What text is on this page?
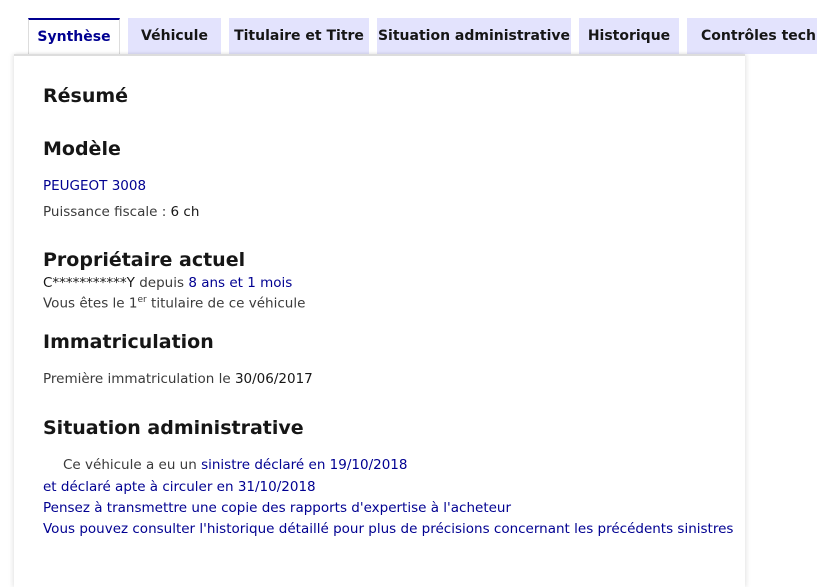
Synthèse	Véhicule	Titulaire et Titre	Situation administrative	Historique	Contrôles tech
Résumé
Modèle

PEUGEOT 3008

Puissance fiscale : 6 ch

Propriétaire actuel

C***********Y depuis 8 ans et 1 mois

Vous êtes le 1er titulaire de ce véhicule

Immatriculation

Première immatriculation le 30/06/2017

Situation administrative

Ce véhicule a eu un sinistre déclaré en 19/10/2018

et déclaré apte à circuler en 31/10/2018

Pensez à transmettre une copie des rapports d'expertise à l'acheteur

Vous pouvez consulter l'historique détaillé pour plus de précisions concernant les précédents sinistres
